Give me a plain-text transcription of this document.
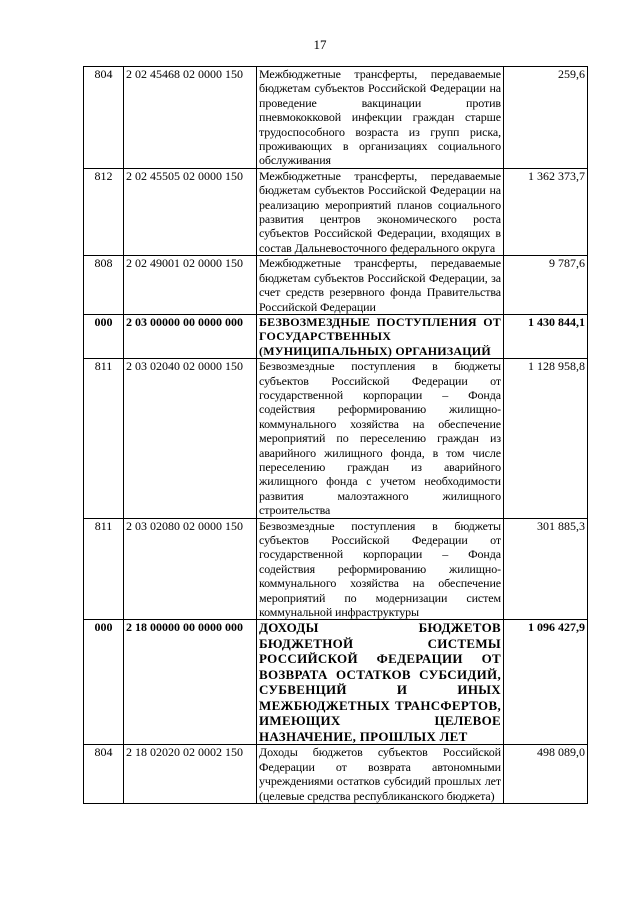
17
804	2 02 45468 02 0000 150	Межбюджетные трансферты, передаваемые бюджетам субъектов Российской Федерации на проведение вакцинации против пневмококковой инфекции граждан старше трудоспособного возраста из групп риска, проживающих в организациях социального обслуживания	259,6
812	2 02 45505 02 0000 150	Межбюджетные трансферты, передаваемые бюджетам субъектов Российской Федерации на реализацию мероприятий планов социального развития центров экономического роста субъектов Российской Федерации, входящих в состав Дальневосточного федерального округа	1 362 373,7
808	2 02 49001 02 0000 150	Межбюджетные трансферты, передаваемые бюджетам субъектов Российской Федерации, за счет средств резервного фонда Правительства Российской Федерации	9 787,6
000	2 03 00000 00 0000 000	БЕЗВОЗМЕЗДНЫЕ ПОСТУПЛЕНИЯ ОТ ГОСУДАРСТВЕННЫХ (МУНИЦИПАЛЬНЫХ) ОРГАНИЗАЦИЙ	1 430 844,1
811	2 03 02040 02 0000 150	Безвозмездные поступления в бюджеты субъектов Российской Федерации от государственной корпорации – Фонда содействия реформированию жилищно-коммунального хозяйства на обеспечение мероприятий по переселению граждан из аварийного жилищного фонда, в том числе переселению граждан из аварийного жилищного фонда с учетом необходимости развития малоэтажного жилищного строительства	1 128 958,8
811	2 03 02080 02 0000 150	Безвозмездные поступления в бюджеты субъектов Российской Федерации от государственной корпорации – Фонда содействия реформированию жилищно-коммунального хозяйства на обеспечение мероприятий по модернизации систем коммунальной инфраструктуры	301 885,3
000	2 18 00000 00 0000 000	ДОХОДЫ БЮДЖЕТОВ БЮДЖЕТНОЙ СИСТЕМЫ РОССИЙСКОЙ ФЕДЕРАЦИИ ОТ ВОЗВРАТА ОСТАТКОВ СУБСИДИЙ, СУБВЕНЦИЙ И ИНЫХ МЕЖБЮДЖЕТНЫХ ТРАНСФЕРТОВ, ИМЕЮЩИХ ЦЕЛЕВОЕ НАЗНАЧЕНИЕ, ПРОШЛЫХ ЛЕТ	1 096 427,9
804	2 18 02020 02 0002 150	Доходы бюджетов субъектов Российской Федерации от возврата автономными учреждениями остатков субсидий прошлых лет (целевые средства республиканского бюджета)	498 089,0
